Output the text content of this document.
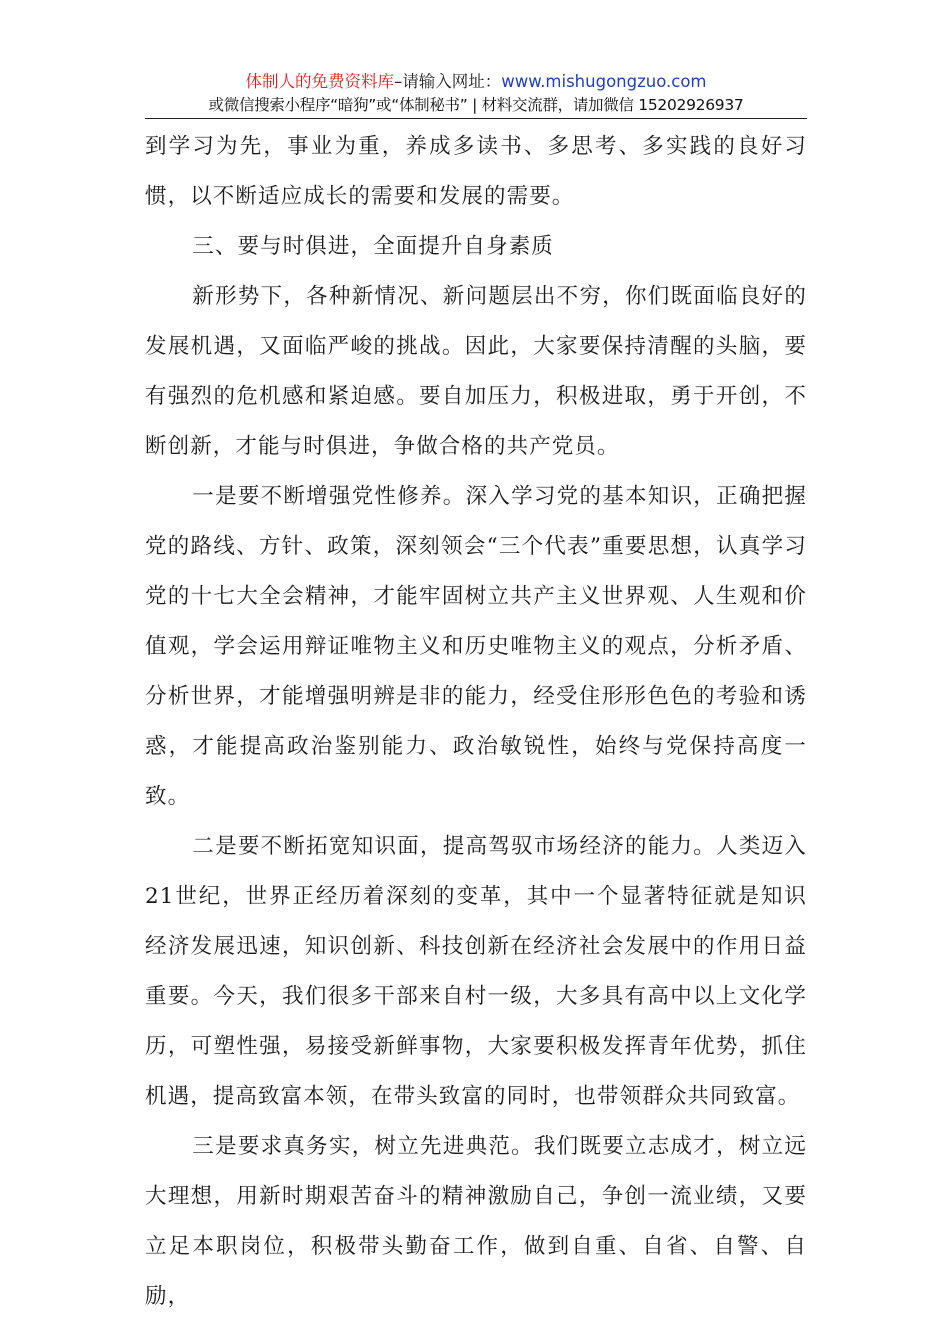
体制人的免费资料库–请输入网址：www.mishugongzuo.com
或微信搜索小程序“暗狗”或“体制秘书” | 材料交流群，请加微信 15202926937

到学习为先，事业为重，养成多读书、多思考、多实践的良好习惯，以不断适应成长的需要和发展的需要。

三、要与时俱进，全面提升自身素质

新形势下，各种新情况、新问题层出不穷，你们既面临良好的发展机遇，又面临严峻的挑战。因此，大家要保持清醒的头脑，要有强烈的危机感和紧迫感。要自加压力，积极进取，勇于开创，不断创新，才能与时俱进，争做合格的共产党员。

一是要不断增强党性修养。深入学习党的基本知识，正确把握党的路线、方针、政策，深刻领会“三个代表”重要思想，认真学习党的十七大全会精神，才能牢固树立共产主义世界观、人生观和价值观，学会运用辩证唯物主义和历史唯物主义的观点，分析矛盾、分析世界，才能增强明辨是非的能力，经受住形形色色的考验和诱惑，才能提高政治鉴别能力、政治敏锐性，始终与党保持高度一致。

二是要不断拓宽知识面，提高驾驭市场经济的能力。人类迈入21世纪，世界正经历着深刻的变革，其中一个显著特征就是知识经济发展迅速，知识创新、科技创新在经济社会发展中的作用日益重要。今天，我们很多干部来自村一级，大多具有高中以上文化学历，可塑性强，易接受新鲜事物，大家要积极发挥青年优势，抓住机遇，提高致富本领，在带头致富的同时，也带领群众共同致富。

三是要求真务实，树立先进典范。我们既要立志成才，树立远大理想，用新时期艰苦奋斗的精神激励自己，争创一流业绩，又要立足本职岗位，积极带头勤奋工作，做到自重、自省、自警、自励，
